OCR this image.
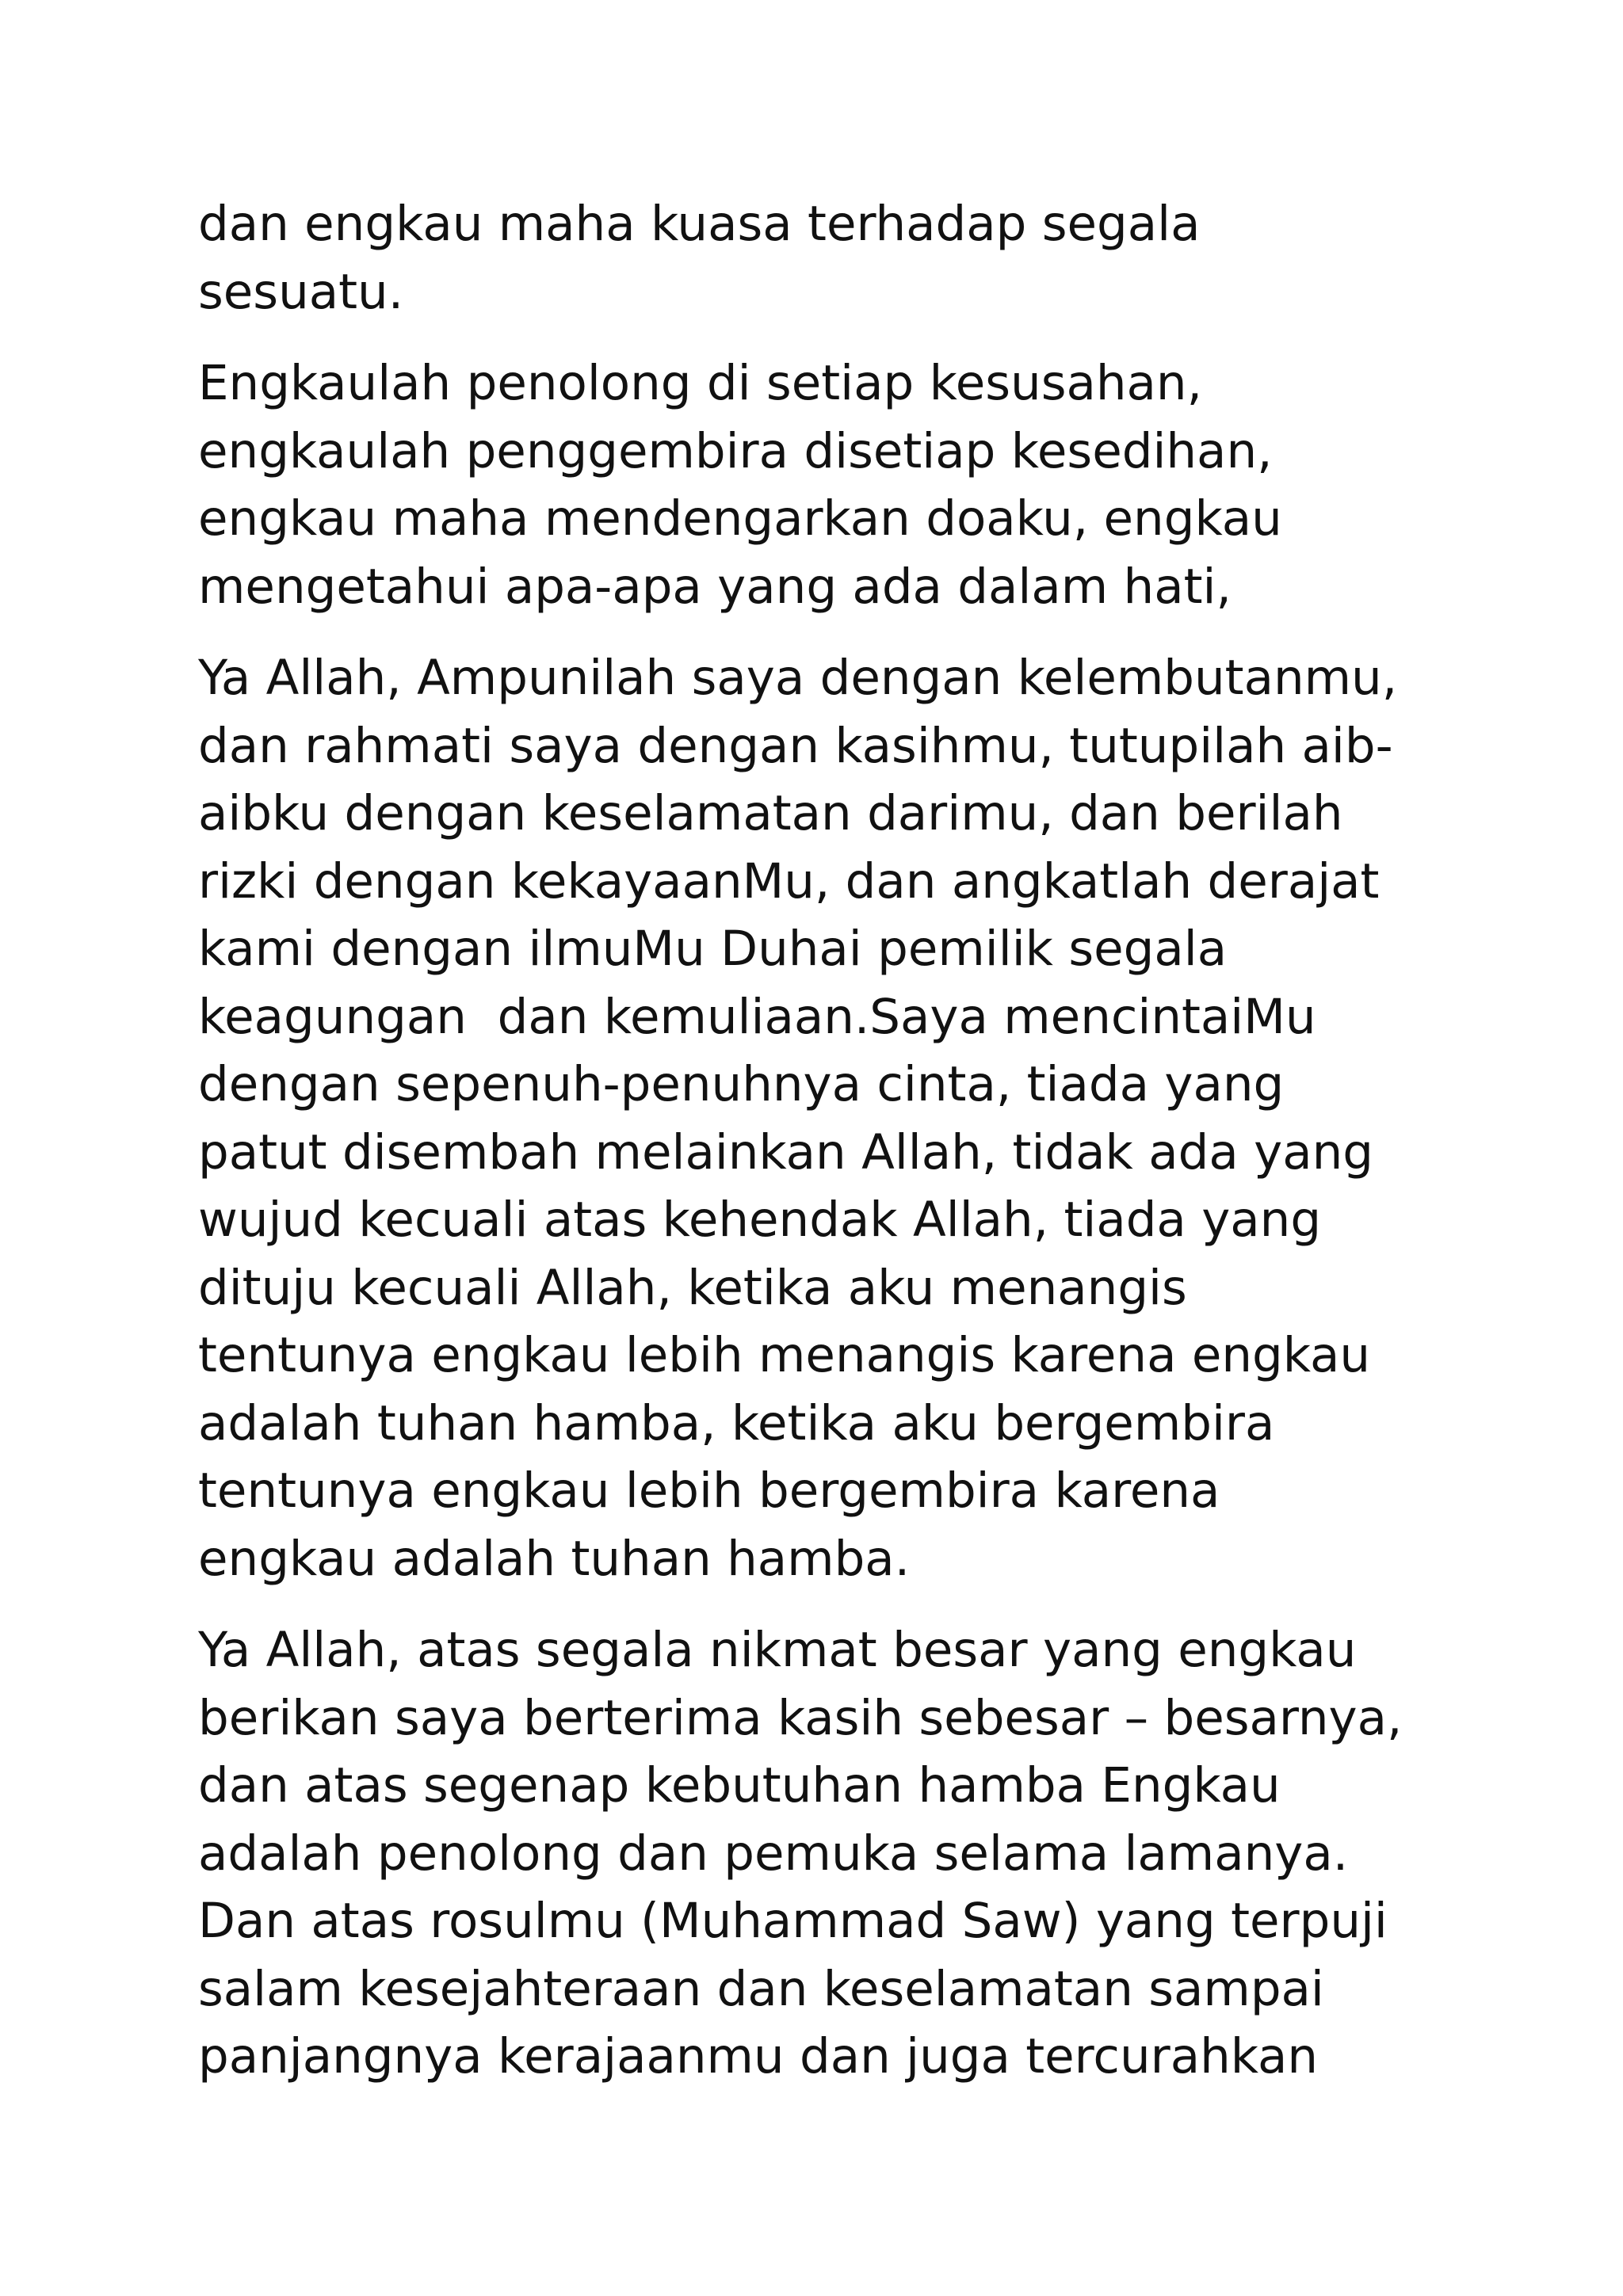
dan engkau maha kuasa terhadap segala
sesuatu.

Engkaulah penolong di setiap kesusahan,
engkaulah penggembira disetiap kesedihan,
engkau maha mendengarkan doaku, engkau
mengetahui apa-apa yang ada dalam hati,

Ya Allah, Ampunilah saya dengan kelembutanmu,
dan rahmati saya dengan kasihmu, tutupilah aib-
aibku dengan keselamatan darimu, dan berilah
rizki dengan kekayaanMu, dan angkatlah derajat
kami dengan ilmuMu Duhai pemilik segala
keagungan  dan kemuliaan.Saya mencintaiMu
dengan sepenuh-penuhnya cinta, tiada yang
patut disembah melainkan Allah, tidak ada yang
wujud kecuali atas kehendak Allah, tiada yang
dituju kecuali Allah, ketika aku menangis
tentunya engkau lebih menangis karena engkau
adalah tuhan hamba, ketika aku bergembira
tentunya engkau lebih bergembira karena
engkau adalah tuhan hamba.

Ya Allah, atas segala nikmat besar yang engkau
berikan saya berterima kasih sebesar – besarnya,
dan atas segenap kebutuhan hamba Engkau
adalah penolong dan pemuka selama lamanya.
Dan atas rosulmu (Muhammad Saw) yang terpuji
salam kesejahteraan dan keselamatan sampai
panjangnya kerajaanmu dan juga tercurahkan
